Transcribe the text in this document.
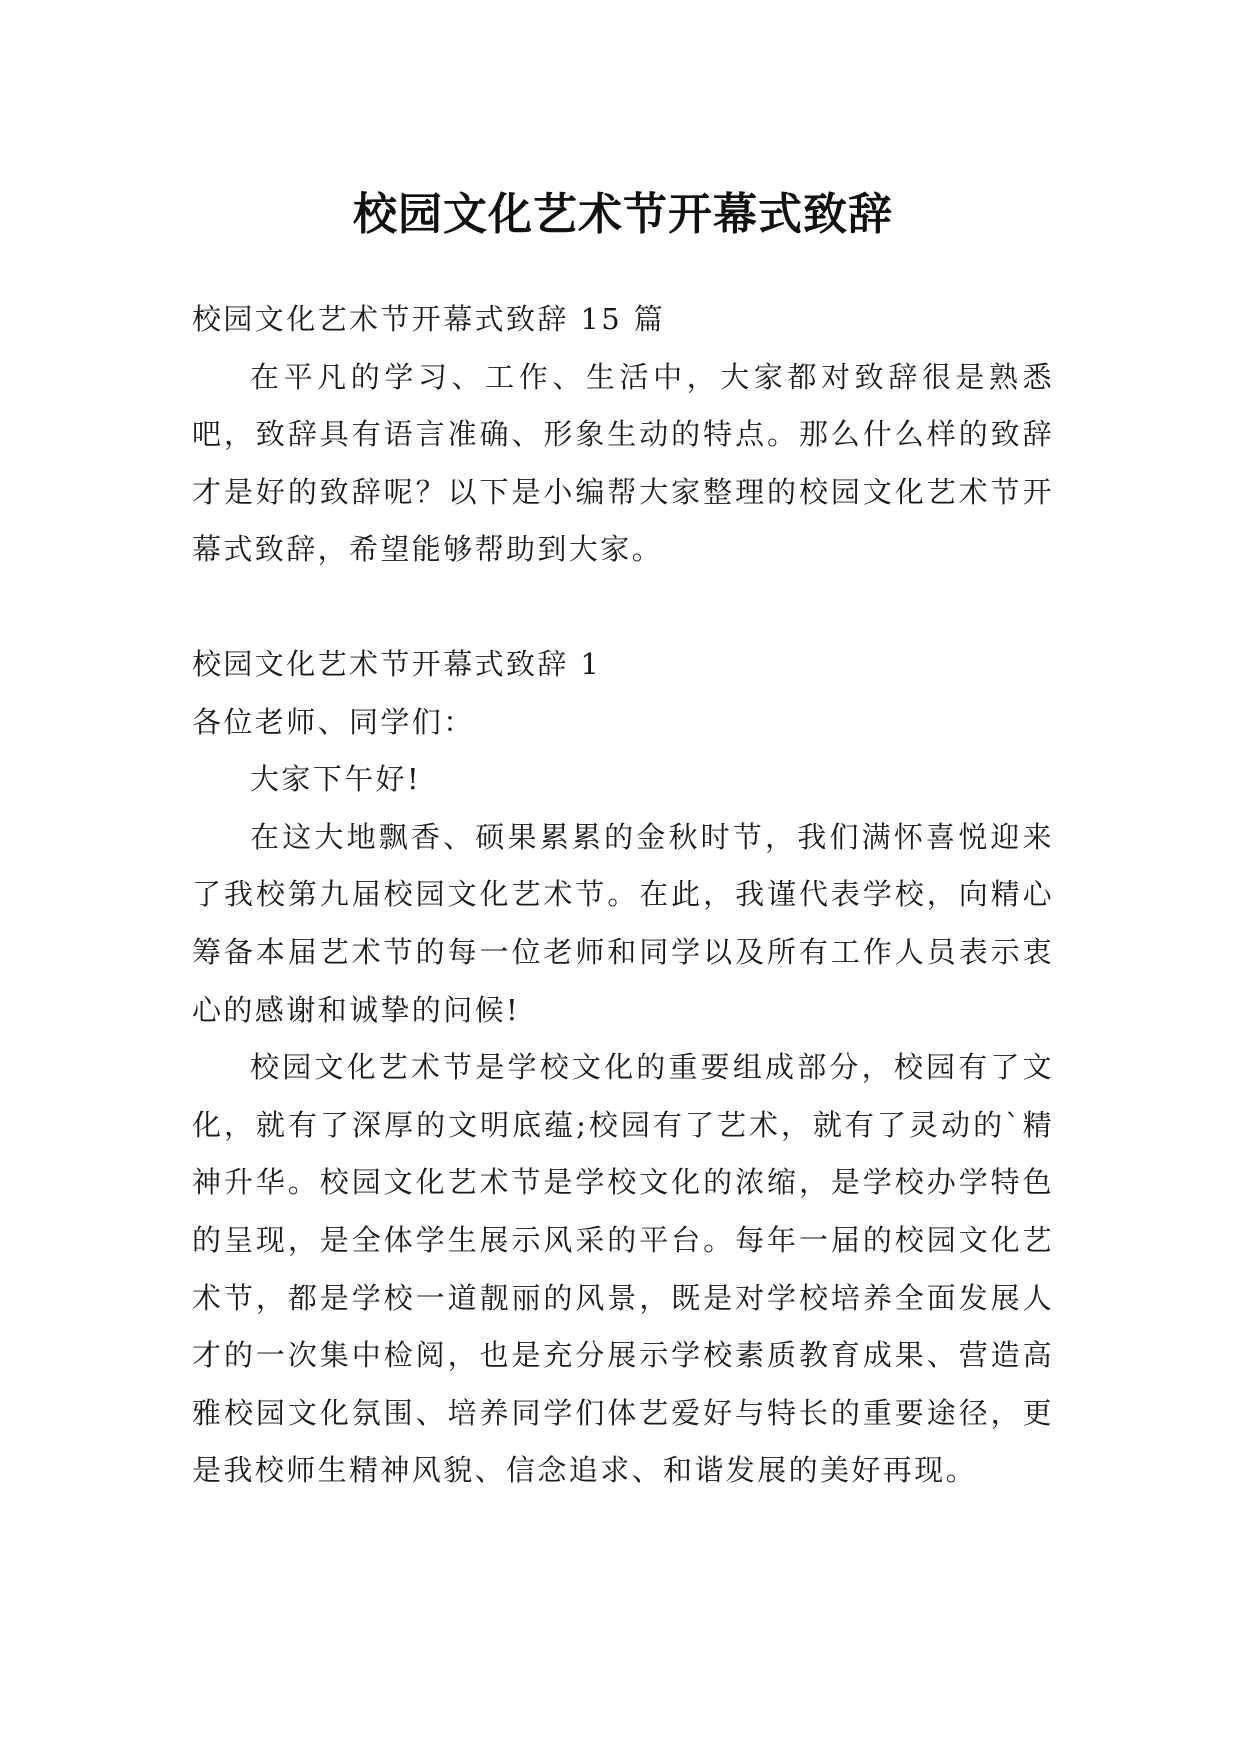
校园文化艺术节开幕式致辞

校园文化艺术节开幕式致辞 15 篇

在平凡的学习、工作、生活中，大家都对致辞很是熟悉吧，致辞具有语言准确、形象生动的特点。那么什么样的致辞才是好的致辞呢？以下是小编帮大家整理的校园文化艺术节开幕式致辞，希望能够帮助到大家。

校园文化艺术节开幕式致辞 1

各位老师、同学们：

大家下午好!

在这大地飘香、硕果累累的金秋时节，我们满怀喜悦迎来了我校第九届校园文化艺术节。在此，我谨代表学校，向精心筹备本届艺术节的每一位老师和同学以及所有工作人员表示衷心的感谢和诚挚的问候!

校园文化艺术节是学校文化的重要组成部分，校园有了文化，就有了深厚的文明底蕴;校园有了艺术，就有了灵动的`精神升华。校园文化艺术节是学校文化的浓缩，是学校办学特色的呈现，是全体学生展示风采的平台。每年一届的校园文化艺术节，都是学校一道靓丽的风景，既是对学校培养全面发展人才的一次集中检阅，也是充分展示学校素质教育成果、营造高雅校园文化氛围、培养同学们体艺爱好与特长的重要途径，更是我校师生精神风貌、信念追求、和谐发展的美好再现。
